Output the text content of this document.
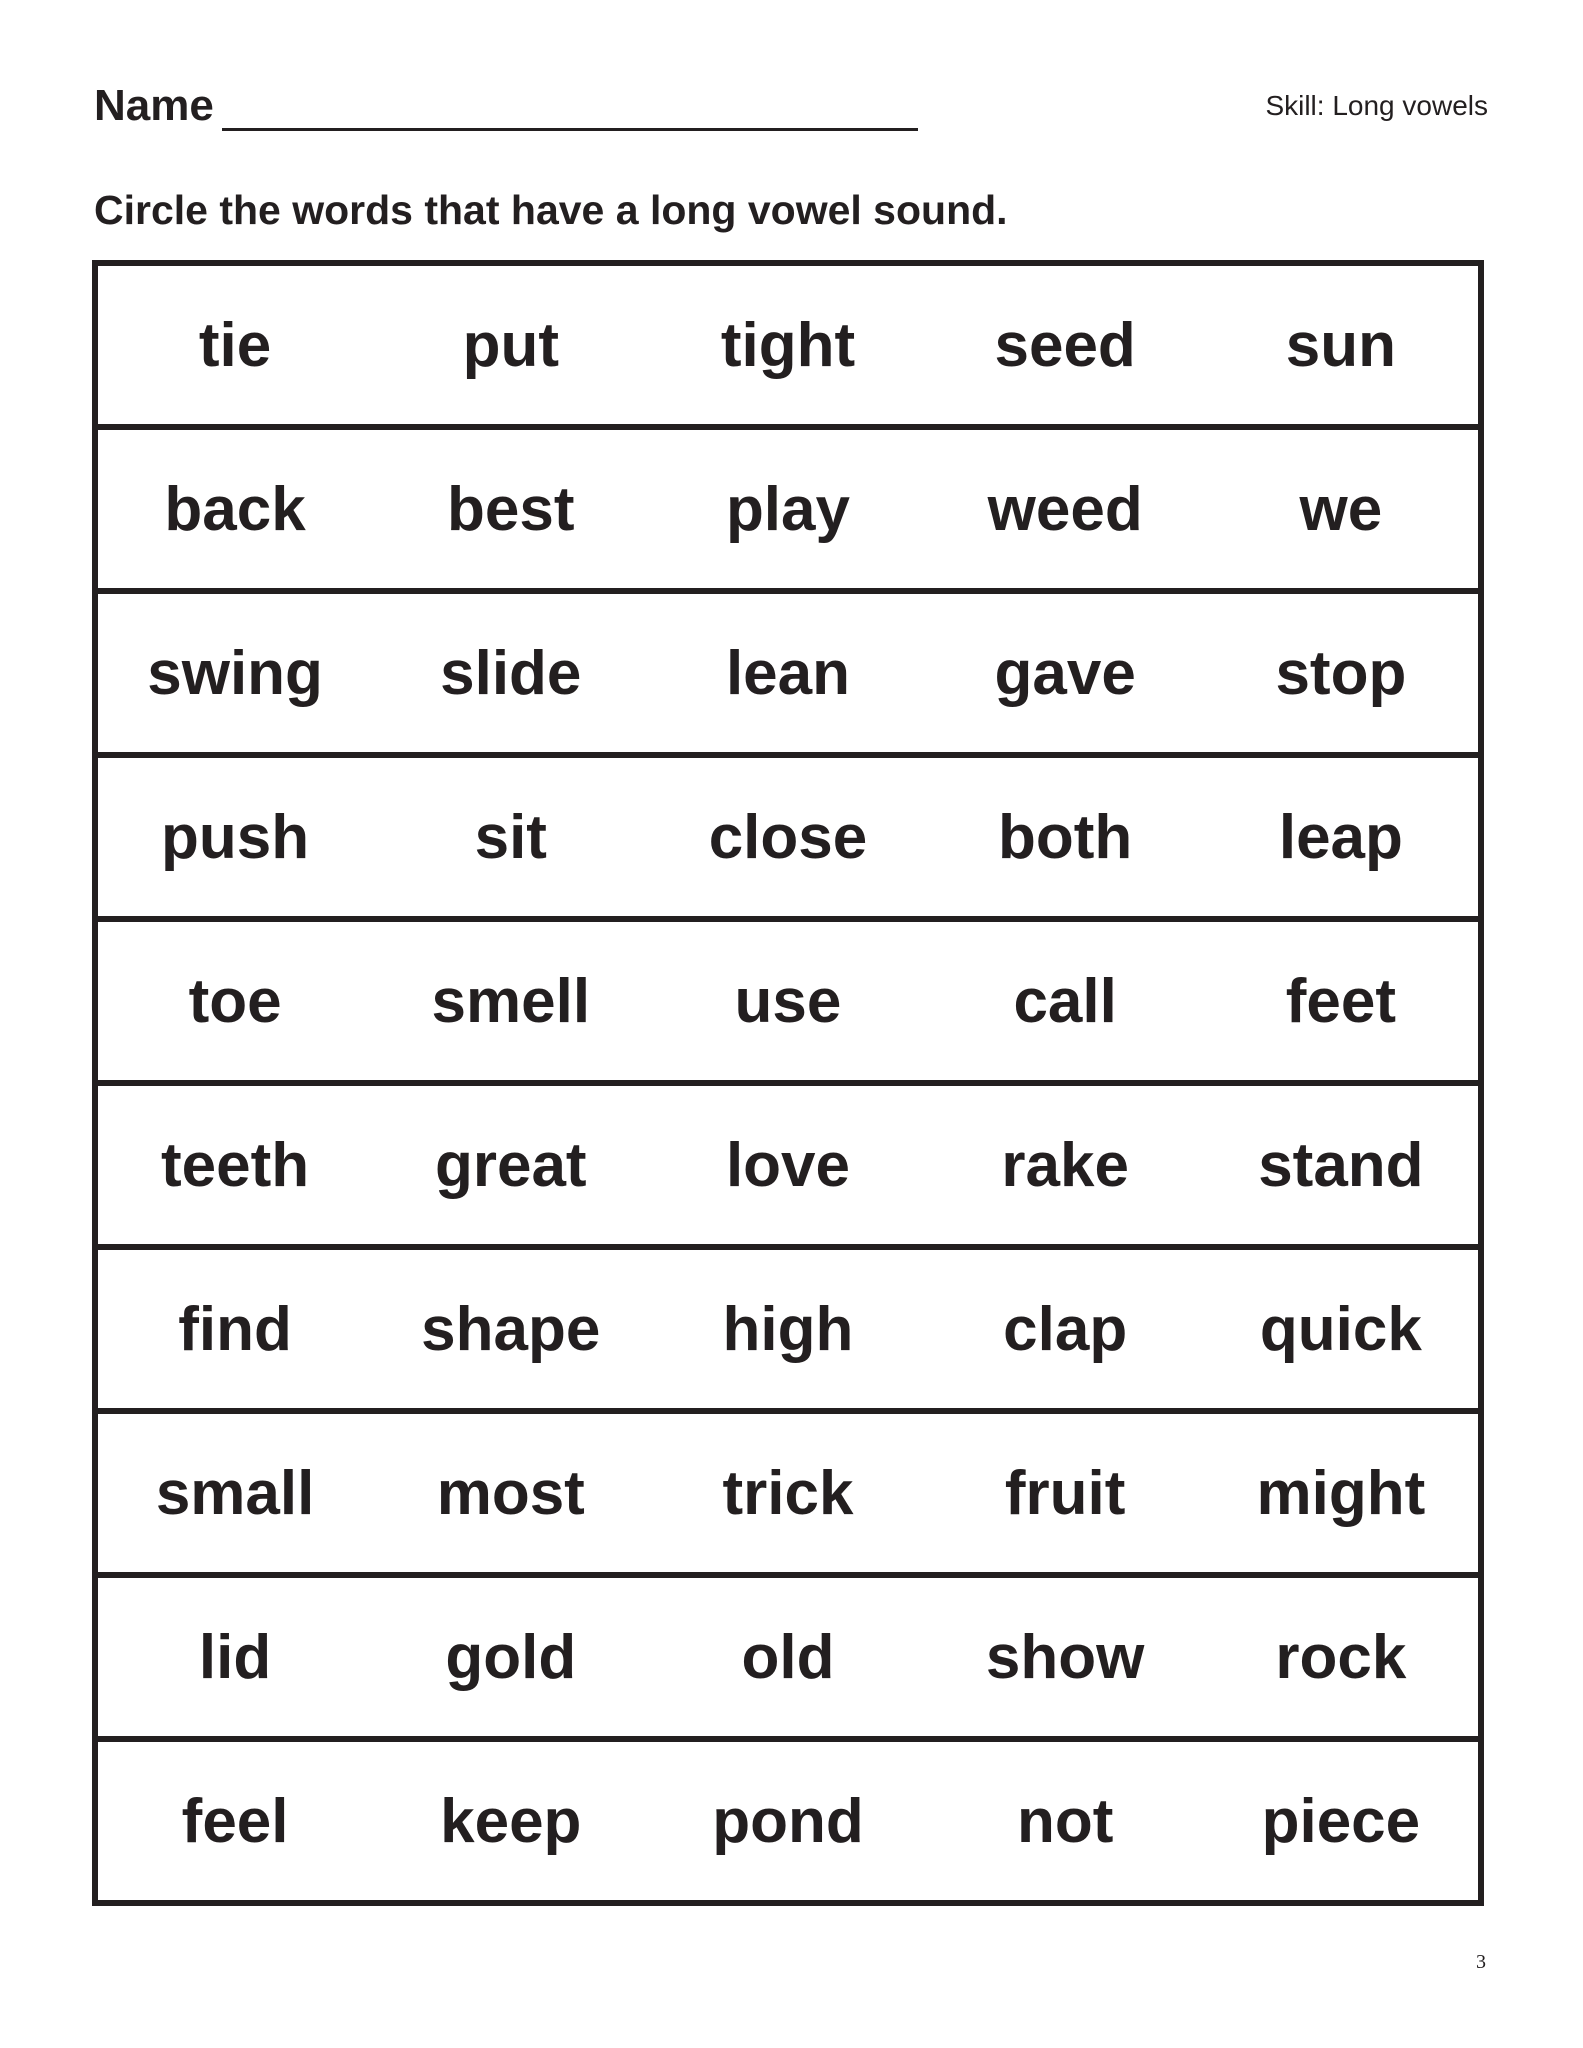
Name	Skill: Long vowels

Circle the words that have a long vowel sound.
tie	put	tight	seed	sun
back	best	play	weed	we
swing	slide	lean	gave	stop
push	sit	close	both	leap
toe	smell	use	call	feet
teeth	great	love	rake	stand
find	shape	high	clap	quick
small	most	trick	fruit	might
lid	gold	old	show	rock
feel	keep	pond	not	piece
3
